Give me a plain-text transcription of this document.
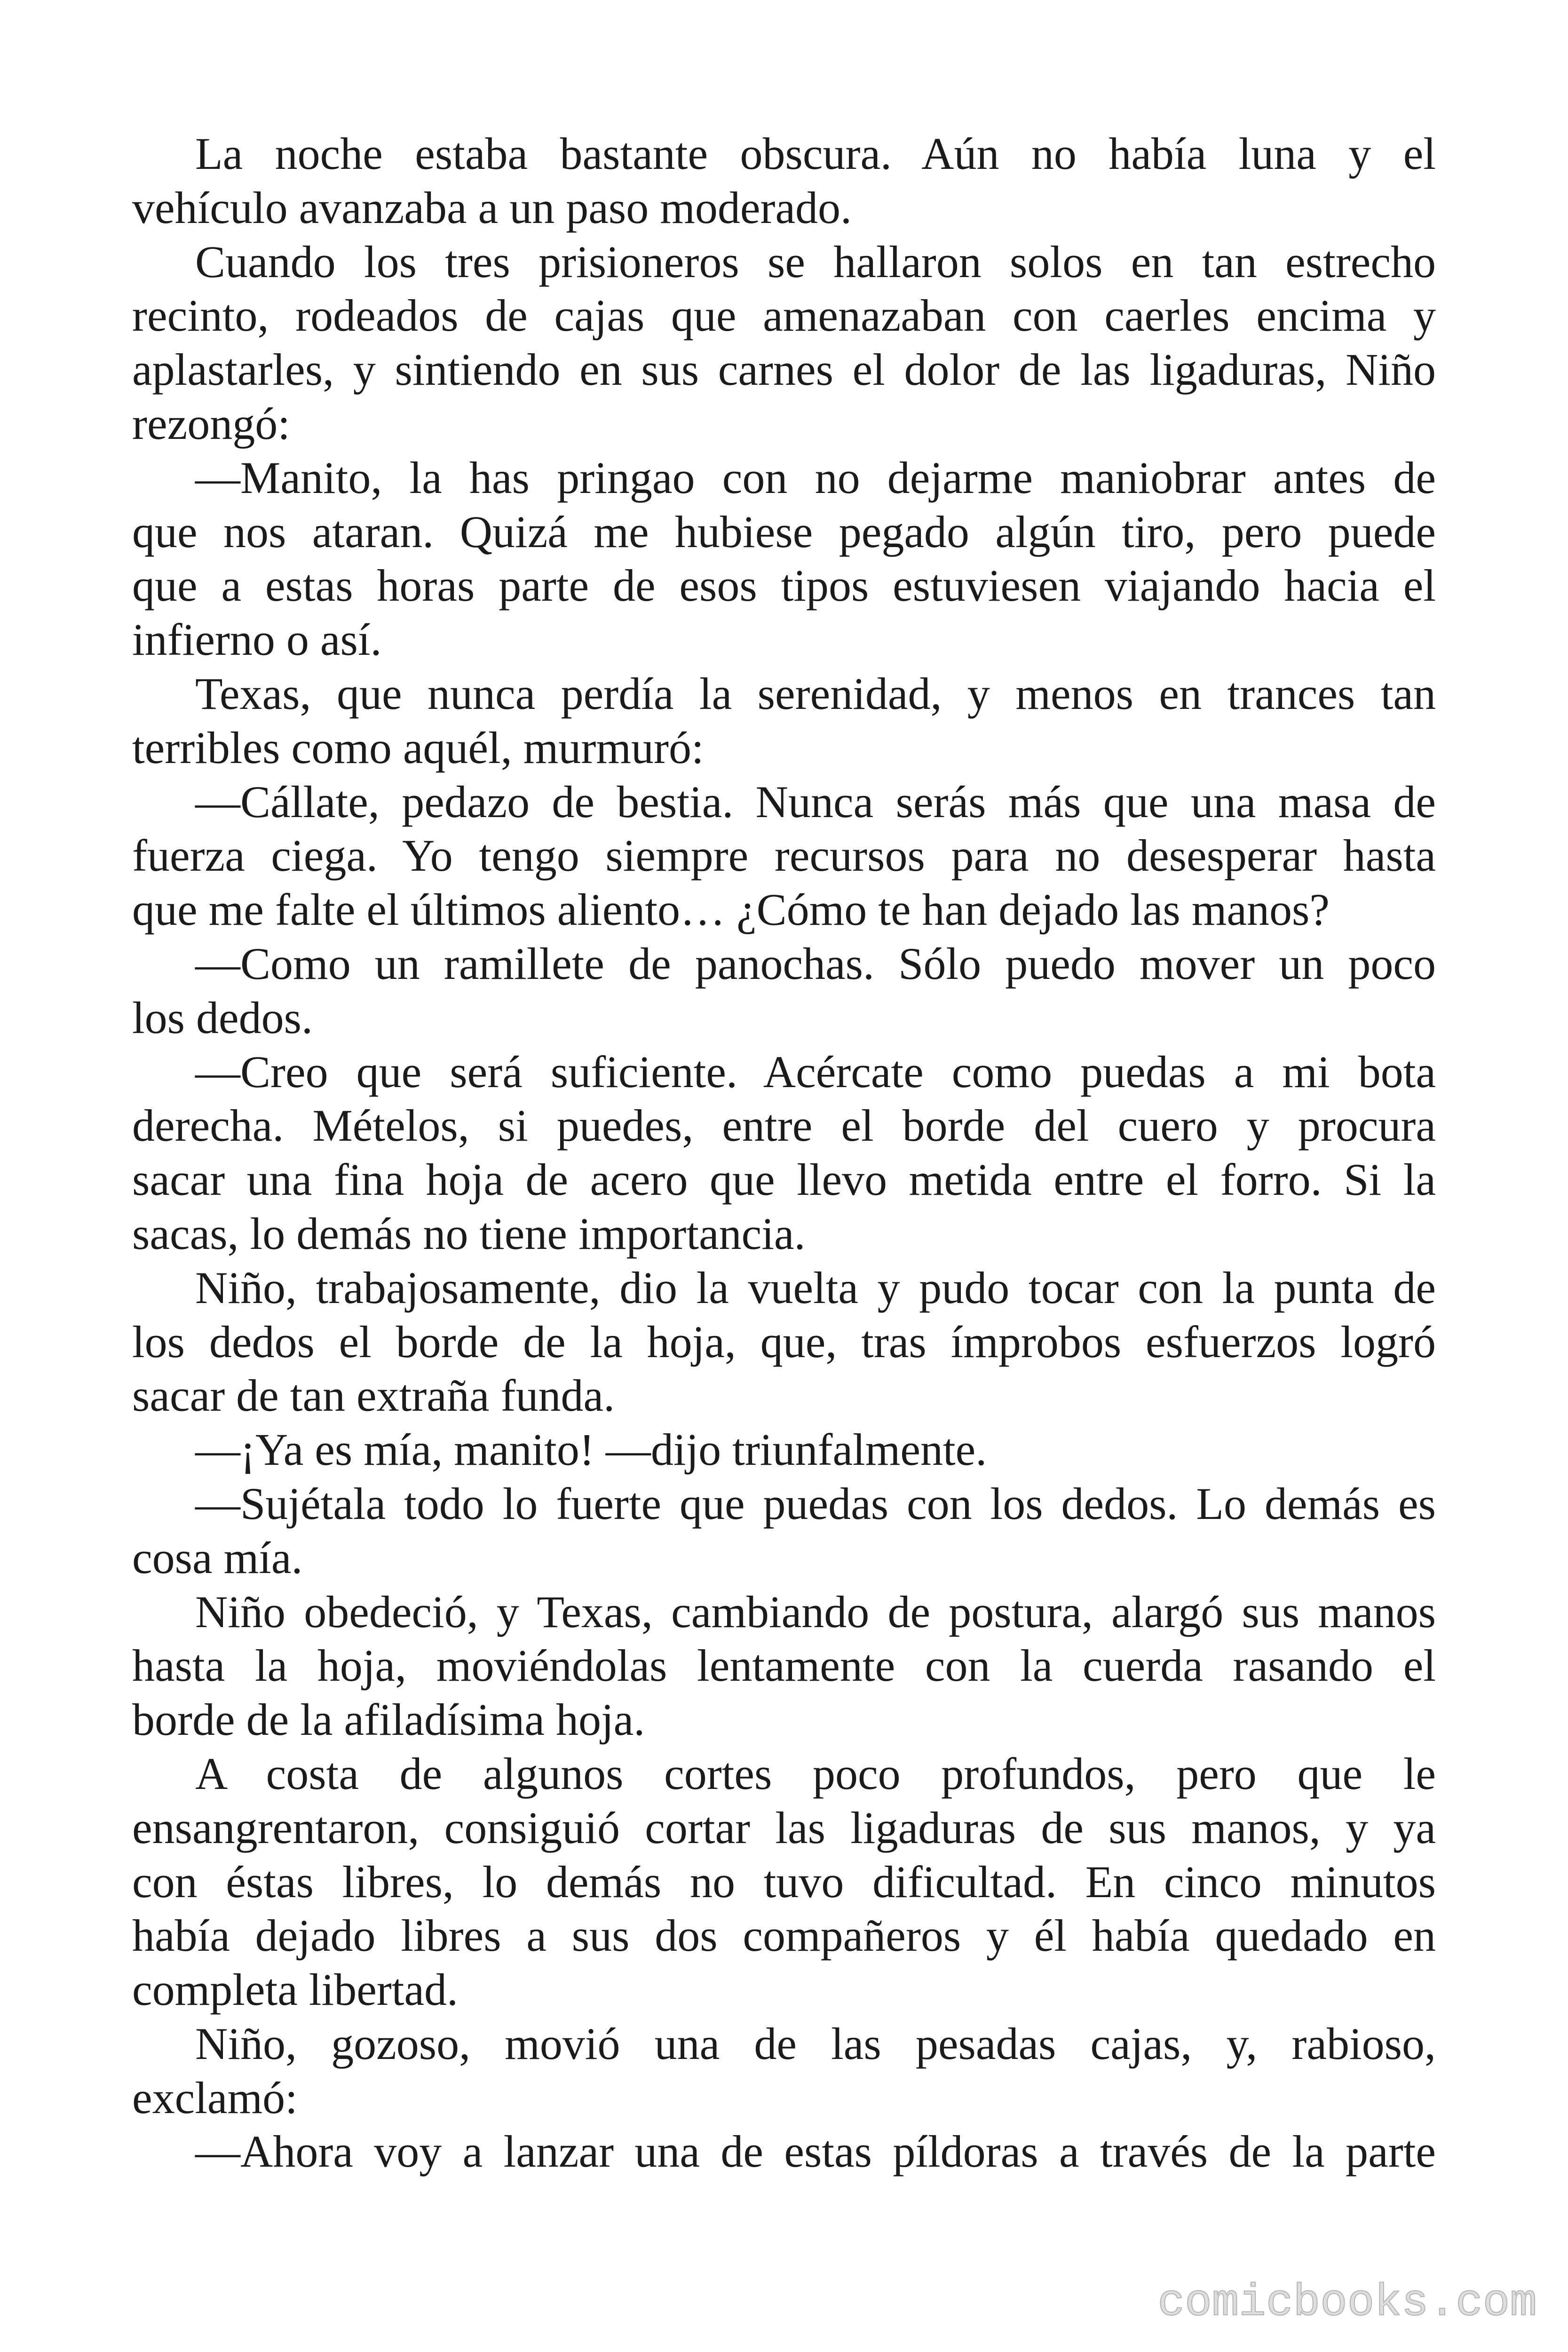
La noche estaba bastante obscura. Aún no había luna y el
vehículo avanzaba a un paso moderado.
Cuando los tres prisioneros se hallaron solos en tan estrecho
recinto, rodeados de cajas que amenazaban con caerles encima y
aplastarles, y sintiendo en sus carnes el dolor de las ligaduras, Niño
rezongó:
—Manito, la has pringao con no dejarme maniobrar antes de
que nos ataran. Quizá me hubiese pegado algún tiro, pero puede
que a estas horas parte de esos tipos estuviesen viajando hacia el
infierno o así.
Texas, que nunca perdía la serenidad, y menos en trances tan
terribles como aquél, murmuró:
—Cállate, pedazo de bestia. Nunca serás más que una masa de
fuerza ciega. Yo tengo siempre recursos para no desesperar hasta
que me falte el últimos aliento… ¿Cómo te han dejado las manos?
—Como un ramillete de panochas. Sólo puedo mover un poco
los dedos.
—Creo que será suficiente. Acércate como puedas a mi bota
derecha. Mételos, si puedes, entre el borde del cuero y procura
sacar una fina hoja de acero que llevo metida entre el forro. Si la
sacas, lo demás no tiene importancia.
Niño, trabajosamente, dio la vuelta y pudo tocar con la punta de
los dedos el borde de la hoja, que, tras ímprobos esfuerzos logró
sacar de tan extraña funda.
—¡Ya es mía, manito! —dijo triunfalmente.
—Sujétala todo lo fuerte que puedas con los dedos. Lo demás es
cosa mía.
Niño obedeció, y Texas, cambiando de postura, alargó sus manos
hasta la hoja, moviéndolas lentamente con la cuerda rasando el
borde de la afiladísima hoja.
A costa de algunos cortes poco profundos, pero que le
ensangrentaron, consiguió cortar las ligaduras de sus manos, y ya
con éstas libres, lo demás no tuvo dificultad. En cinco minutos
había dejado libres a sus dos compañeros y él había quedado en
completa libertad.
Niño, gozoso, movió una de las pesadas cajas, y, rabioso,
exclamó:
—Ahora voy a lanzar una de estas píldoras a través de la parte
comicbooks.com
